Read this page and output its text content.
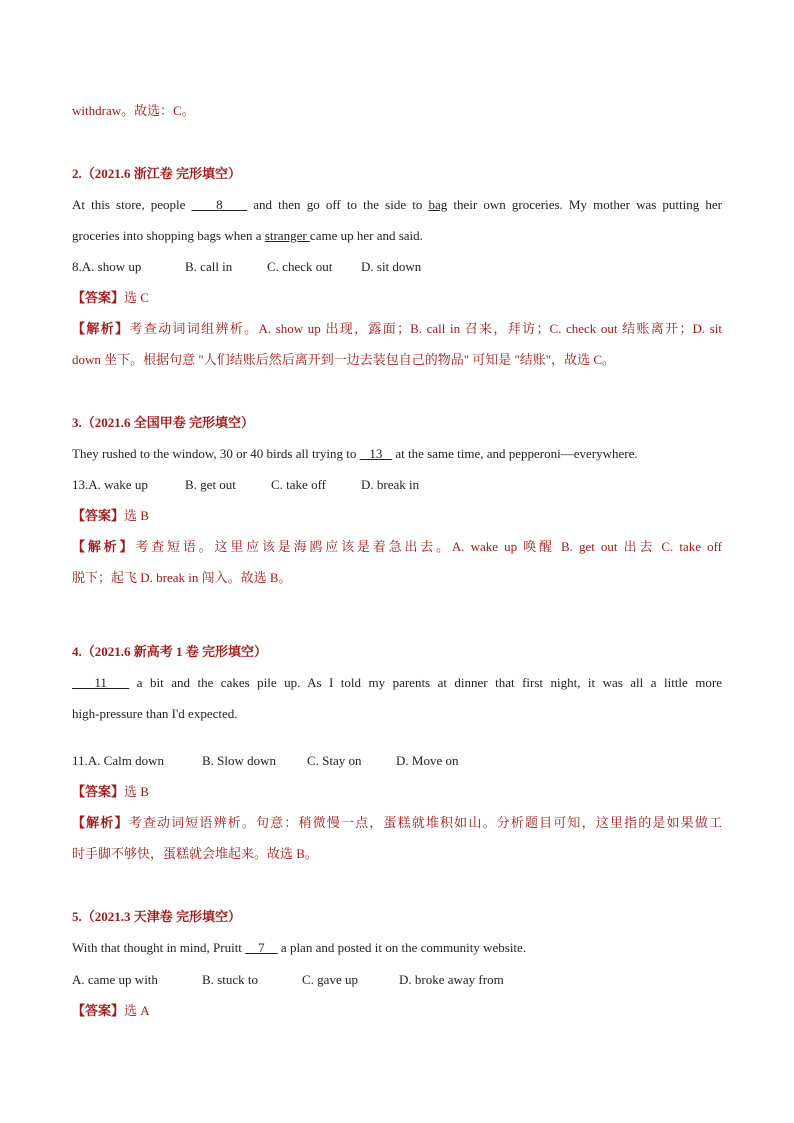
withdraw。故选：C。
2.（2021.6 浙江卷 完形填空）
At this store, people     8     and then go off to the side to bag their own groceries. My mother was putting her
groceries into shopping bags when a stranger came up her and said.
8.A. show up	B. call in	C. check out D. sit down
【答案】选 C
【解析】考查动词词组辨析。A. show up 出现，露面；B. call in 召来，拜访；C. check out 结账离开；D. sit
down 坐下。根据句意 "人们结账后然后离开到一边去装包自己的物品" 可知是 "结账"，故选 C。
3.（2021.6 全国甲卷 完形填空）
They rushed to the window, 30 or 40 birds all trying to    13    at the same time, and pepperoni—everywhere.
13.A. wake up	B. get out	C. take off	D. break in
【答案】选 B
【解析】考查短语。这里应该是海鸥应该是着急出去。A. wake up 唤醒 B. get out 出去 C. take off
脱下；起飞 D. break in 闯入。故选 B。
4.（2021.6 新高考 1 卷 完形填空）
11    a bit and the cakes pile up. As I told my parents at dinner that first night, it was all a little more
high-pressure than I'd expected.
11.A. Calm down	B. Slow down C. Stay on	D. Move on
【答案】选 B
【解析】考查动词短语辨析。句意：稍微慢一点，蛋糕就堆积如山。分析题目可知，这里指的是如果做工
时手脚不够快，蛋糕就会堆起来。故选 B。
5.（2021.3 天津卷 完形填空）
With that thought in mind, Pruitt     7     a plan and posted it on the community website.
A. came up with	B. stuck to	C. gave up	D. broke away from
【答案】选 A
